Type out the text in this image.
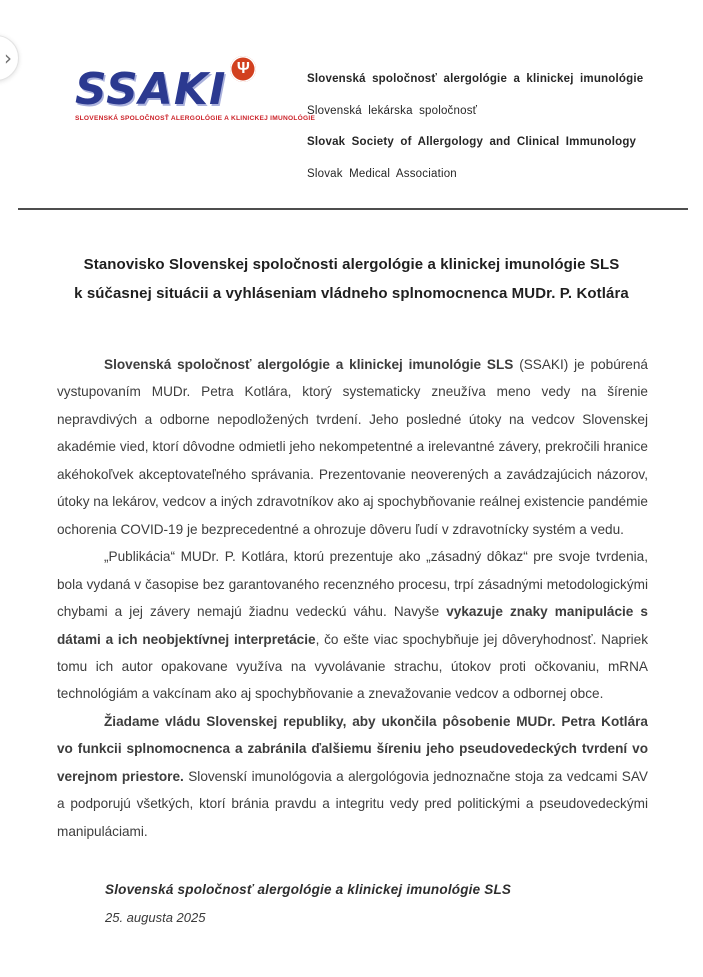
›
SSAKI Ψ
SLOVENSKÁ SPOLOČNOSŤ ALERGOLÓGIE A KLINICKEJ IMUNOLÓGIE
Slovenská spoločnosť alergológie a klinickej imunológie
Slovenská lekárska spoločnosť
Slovak Society of Allergology and Clinical Immunology
Slovak Medical Association
Stanovisko Slovenskej spoločnosti alergológie a klinickej imunológie SLS
k súčasnej situácii a vyhláseniam vládneho splnomocnenca MUDr. P. Kotlára

Slovenská spoločnosť alergológie a klinickej imunológie SLS (SSAKI) je pobúrená vystupovaním MUDr. Petra Kotlára, ktorý systematicky zneužíva meno vedy na šírenie nepravdivých a odborne nepodložených tvrdení. Jeho posledné útoky na vedcov Slovenskej akadémie vied, ktorí dôvodne odmietli jeho nekompetentné a irelevantné závery, prekročili hranice akéhokoľvek akceptovateľného správania. Prezentovanie neoverených a zavádzajúcich názorov, útoky na lekárov, vedcov a iných zdravotníkov ako aj spochybňovanie reálnej existencie pandémie ochorenia COVID-19 je bezprecedentné a ohrozuje dôveru ľudí v zdravotnícky systém a vedu.

„Publikácia“ MUDr. P. Kotlára, ktorú prezentuje ako „zásadný dôkaz“ pre svoje tvrdenia, bola vydaná v časopise bez garantovaného recenzného procesu, trpí zásadnými metodologickými chybami a jej závery nemajú žiadnu vedeckú váhu. Navyše vykazuje znaky manipulácie s dátami a ich neobjektívnej interpretácie, čo ešte viac spochybňuje jej dôveryhodnosť. Napriek tomu ich autor opakovane využíva na vyvolávanie strachu, útokov proti očkovaniu, mRNA technológiám a vakcínam ako aj spochybňovanie a znevažovanie vedcov a odbornej obce.

Žiadame vládu Slovenskej republiky, aby ukončila pôsobenie MUDr. Petra Kotlára vo funkcii splnomocnenca a zabránila ďalšiemu šíreniu jeho pseudovedeckých tvrdení vo verejnom priestore. Slovenskí imunológovia a alergológovia jednoznačne stoja za vedcami SAV a podporujú všetkých, ktorí bránia pravdu a integritu vedy pred politickými a pseudovedeckými manipuláciami.

Slovenská spoločnosť alergológie a klinickej imunológie SLS
25. augusta 2025
